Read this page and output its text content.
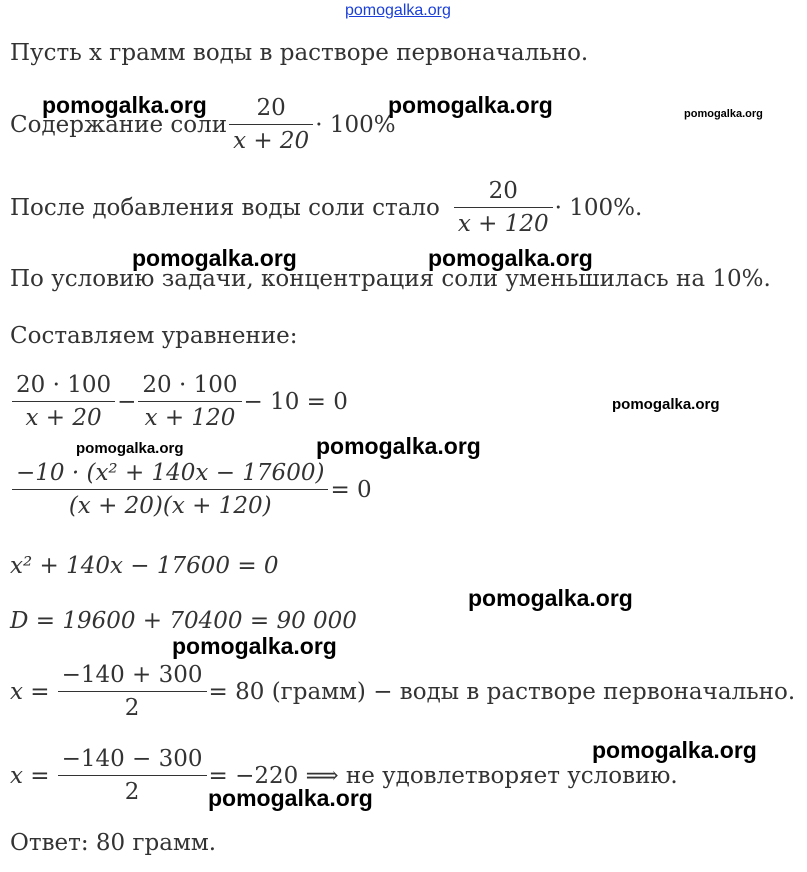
pomogalka.org
Пусть x грамм воды в растворе первоначально.
Содержание соли $\frac{20}{x + 20} \cdot 100\%$
После добавления воды соли стало $\frac{20}{x + 120} \cdot 100\%$.
По условию задачи, концентрация соли уменьшилась на 10%.
Составляем уравнение:
$\frac{20 \cdot 100}{x + 20} - \frac{20 \cdot 100}{x + 120} - 10 = 0$
$\frac{\text{−10 · (x² + 140x − 17600)}}{(x + 20)(x + 120)} = 0$
x² + 140x − 17600 = 0
D = 19600 + 70400 = 90 000
$x = \frac{-140 + 300}{2} = 80$ (грамм) − воды в растворе первоначально.
$x = \frac{-140 - 300}{2} = -220$ ⟹ не удовлетворяет условию.
Ответ: 80 грамм.
pomogalka.org	pomogalka.org	pomogalka.org
pomogalka.org	pomogalka.org
pomogalka.org
pomogalka.org	pomogalka.org
pomogalka.org
pomogalka.org
pomogalka.org
pomogalka.org
